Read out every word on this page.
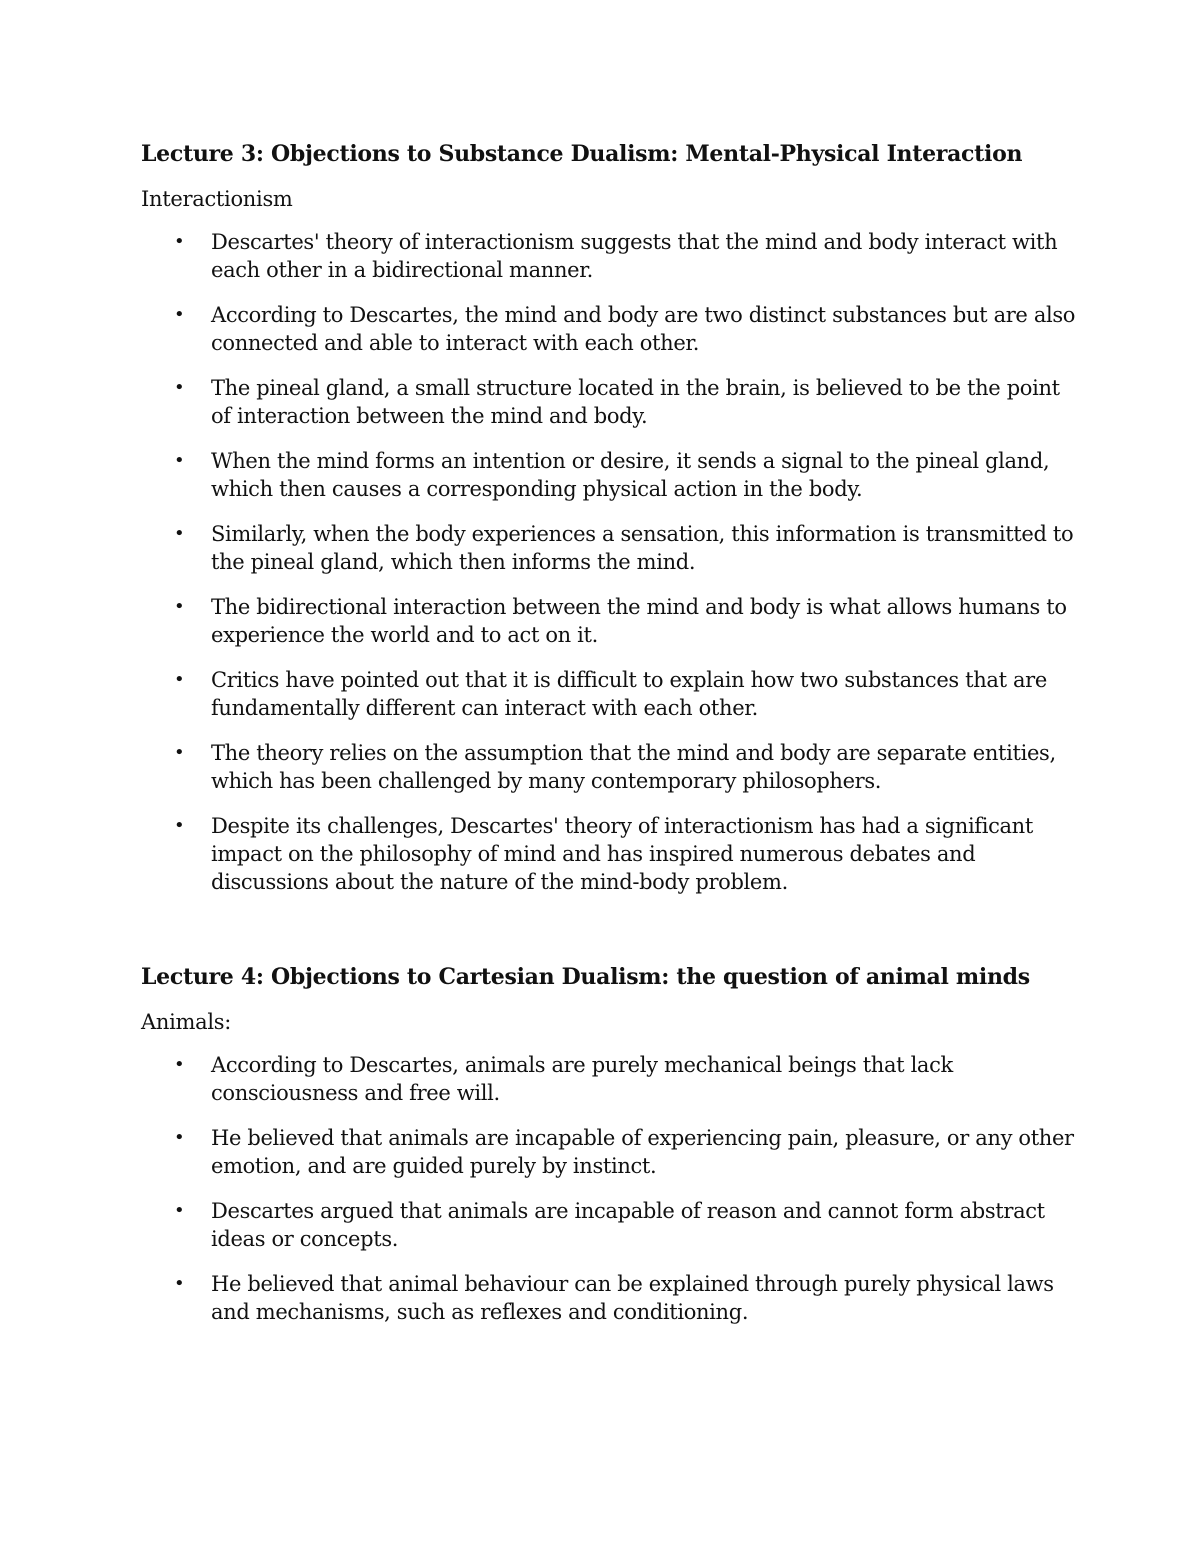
Lecture 3: Objections to Substance Dualism: Mental-Physical Interaction

Interactionism

• Descartes' theory of interactionism suggests that the mind and body interact with each other in a bidirectional manner.
• According to Descartes, the mind and body are two distinct substances but are also connected and able to interact with each other.
• The pineal gland, a small structure located in the brain, is believed to be the point of interaction between the mind and body.
• When the mind forms an intention or desire, it sends a signal to the pineal gland, which then causes a corresponding physical action in the body.
• Similarly, when the body experiences a sensation, this information is transmitted to the pineal gland, which then informs the mind.
• The bidirectional interaction between the mind and body is what allows humans to experience the world and to act on it.
• Critics have pointed out that it is difficult to explain how two substances that are fundamentally different can interact with each other.
• The theory relies on the assumption that the mind and body are separate entities, which has been challenged by many contemporary philosophers.
• Despite its challenges, Descartes' theory of interactionism has had a significant impact on the philosophy of mind and has inspired numerous debates and discussions about the nature of the mind-body problem.
Lecture 4: Objections to Cartesian Dualism: the question of animal minds

Animals:

• According to Descartes, animals are purely mechanical beings that lack consciousness and free will.
• He believed that animals are incapable of experiencing pain, pleasure, or any other emotion, and are guided purely by instinct.
• Descartes argued that animals are incapable of reason and cannot form abstract ideas or concepts.
• He believed that animal behaviour can be explained through purely physical laws and mechanisms, such as reflexes and conditioning.
